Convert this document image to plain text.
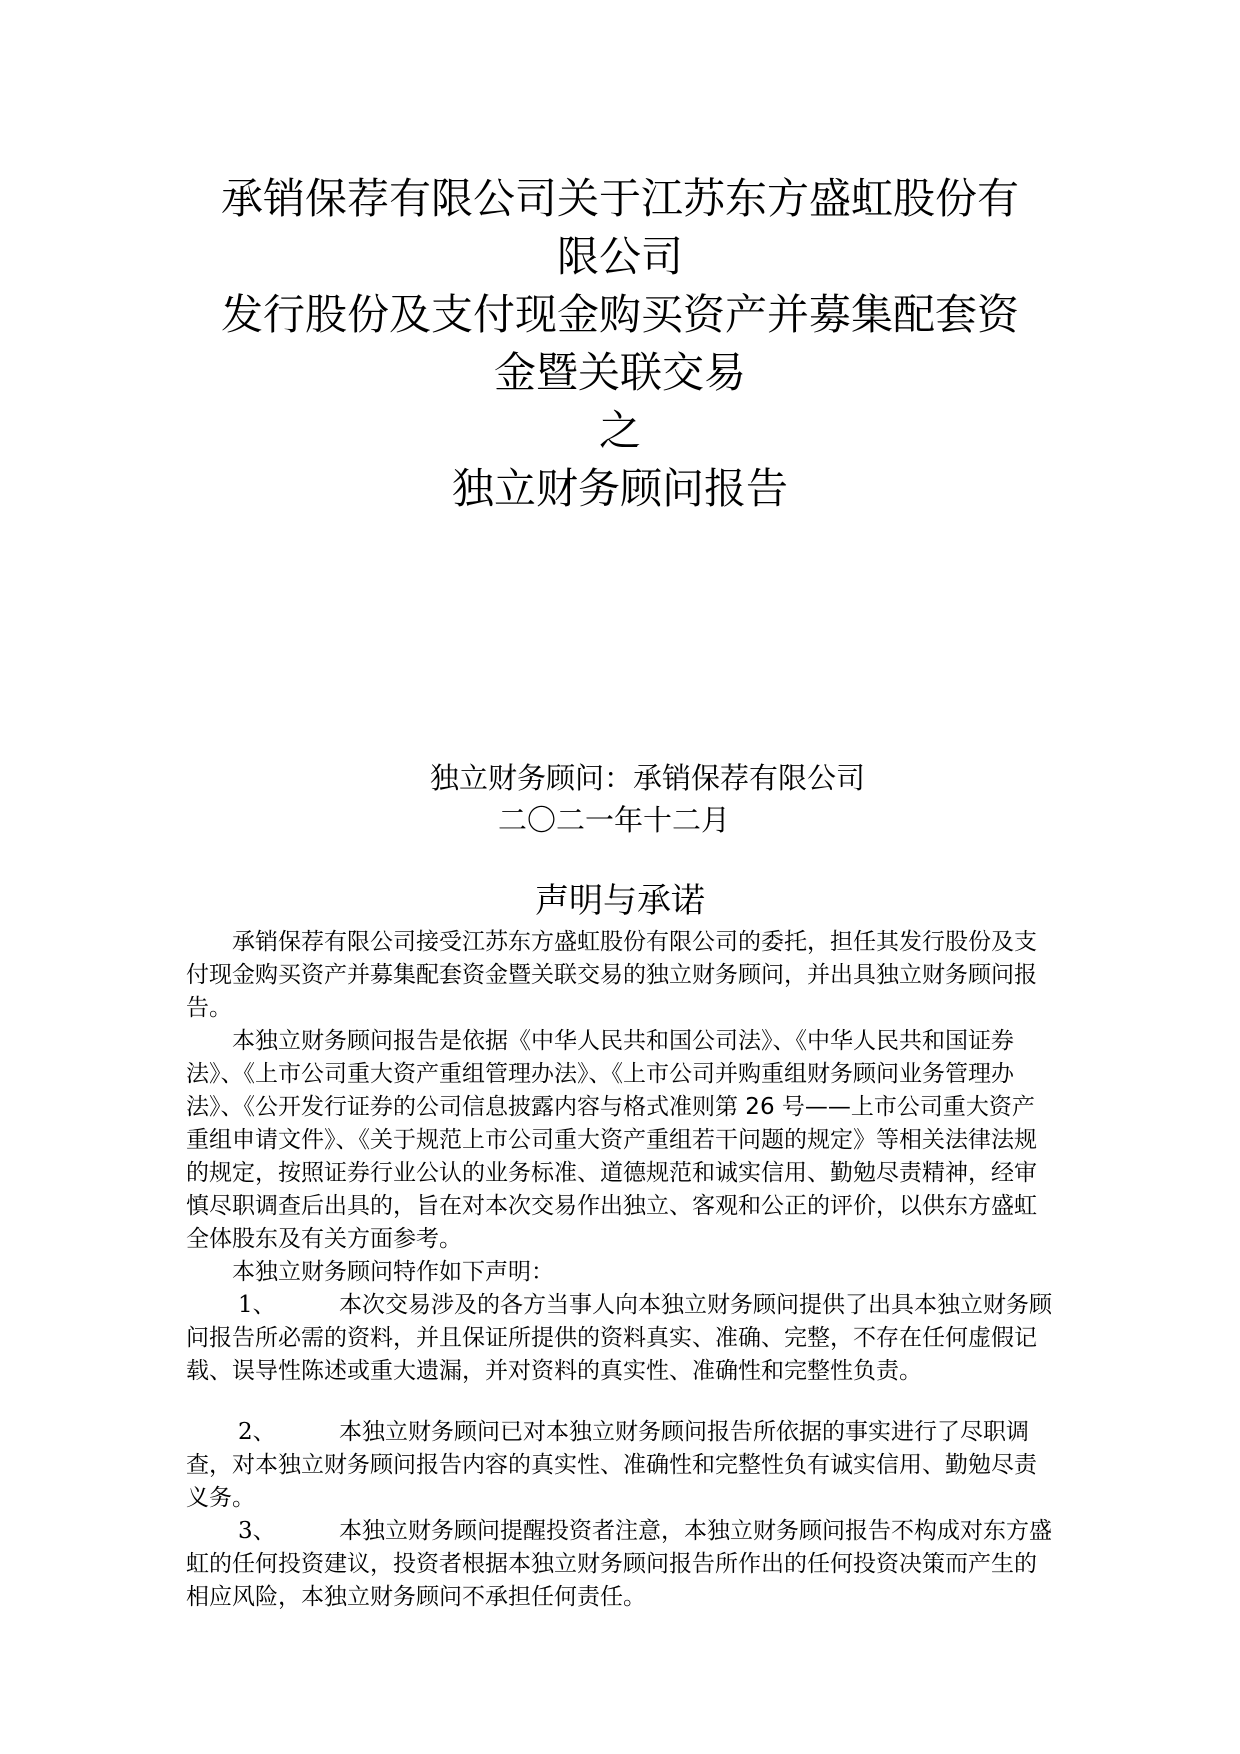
承销保荐有限公司关于江苏东方盛虹股份有
限公司
发行股份及支付现金购买资产并募集配套资
金暨关联交易
之
独立财务顾问报告
独立财务顾问：承销保荐有限公司
二〇二一年十二月
声明与承诺

承销保荐有限公司接受江苏东方盛虹股份有限公司的委托，担任其发行股份及支付现金购买资产并募集配套资金暨关联交易的独立财务顾问，并出具独立财务顾问报告。

本独立财务顾问报告是依据《中华人民共和国公司法》、《中华人民共和国证券法》、《上市公司重大资产重组管理办法》、《上市公司并购重组财务顾问业务管理办法》、《公开发行证券的公司信息披露内容与格式准则第 26 号——上市公司重大资产重组申请文件》、《关于规范上市公司重大资产重组若干问题的规定》等相关法律法规的规定，按照证券行业公认的业务标准、道德规范和诚实信用、勤勉尽责精神，经审慎尽职调查后出具的，旨在对本次交易作出独立、客观和公正的评价，以供东方盛虹全体股东及有关方面参考。

本独立财务顾问特作如下声明：

1、	本次交易涉及的各方当事人向本独立财务顾问提供了出具本独立财务顾问报告所必需的资料，并且保证所提供的资料真实、准确、完整，不存在任何虚假记载、误导性陈述或重大遗漏，并对资料的真实性、准确性和完整性负责。

2、	本独立财务顾问已对本独立财务顾问报告所依据的事实进行了尽职调查，对本独立财务顾问报告内容的真实性、准确性和完整性负有诚实信用、勤勉尽责义务。

3、	本独立财务顾问提醒投资者注意，本独立财务顾问报告不构成对东方盛虹的任何投资建议，投资者根据本独立财务顾问报告所作出的任何投资决策而产生的相应风险，本独立财务顾问不承担任何责任。
